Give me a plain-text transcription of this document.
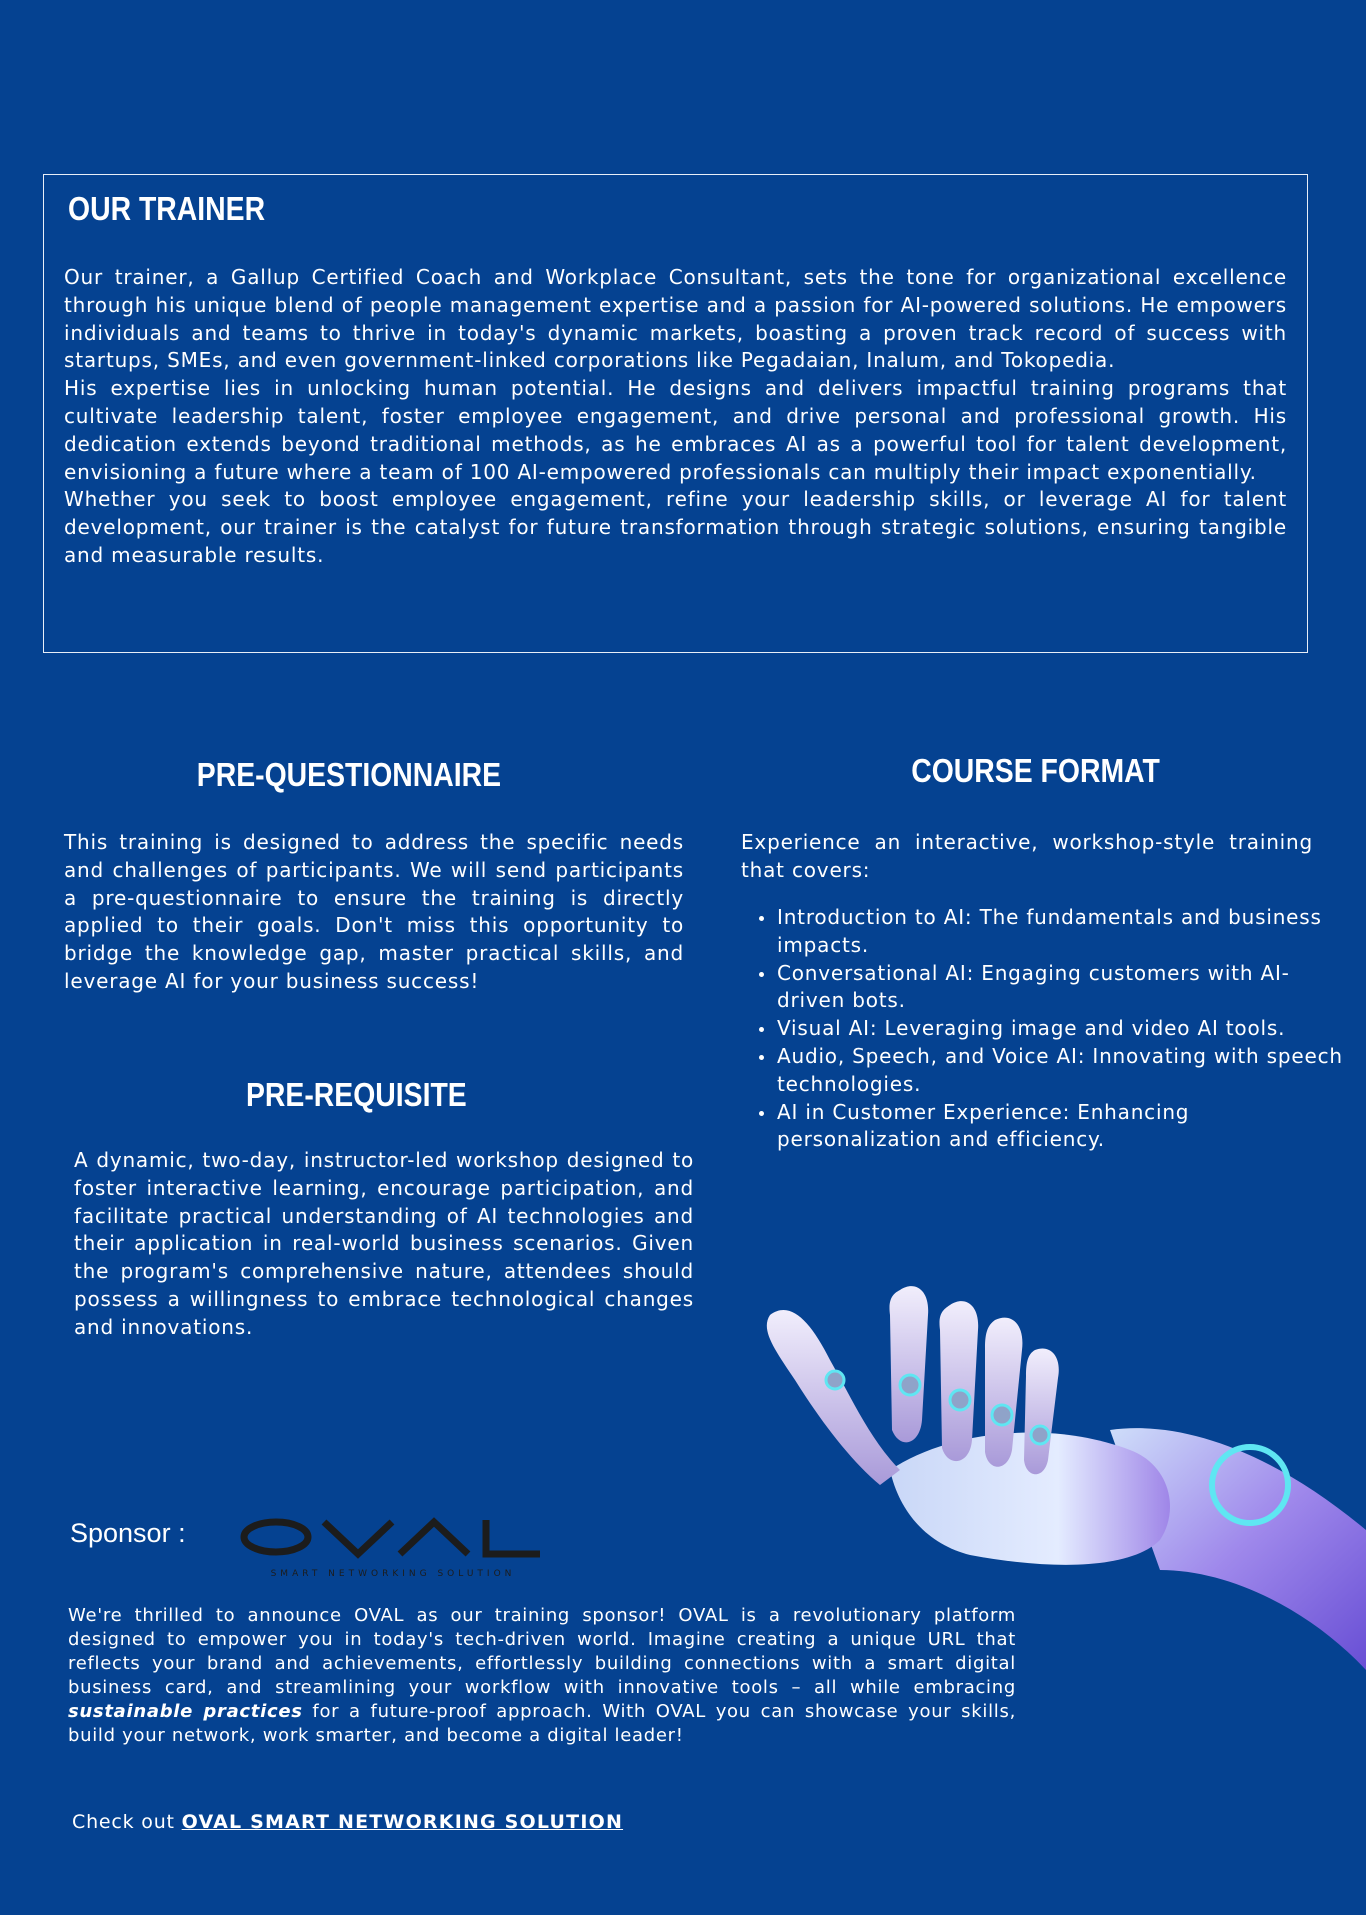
OUR TRAINER

Our trainer, a Gallup Certified Coach and Workplace Consultant, sets the tone for organizational excellence through his unique blend of people management expertise and a passion for AI-powered solutions. He empowers individuals and teams to thrive in today's dynamic markets, boasting a proven track record of success with startups, SMEs, and even government-linked corporations like Pegadaian, Inalum, and Tokopedia.

His expertise lies in unlocking human potential. He designs and delivers impactful training programs that cultivate leadership talent, foster employee engagement, and drive personal and professional growth. His dedication extends beyond traditional methods, as he embraces AI as a powerful tool for talent development, envisioning a future where a team of 100 AI-empowered professionals can multiply their impact exponentially.

Whether you seek to boost employee engagement, refine your leadership skills, or leverage AI for talent development, our trainer is the catalyst for future transformation through strategic solutions, ensuring tangible and measurable results.

PRE-QUESTIONNAIRE
This training is designed to address the specific needs and challenges of participants. We will send participants a pre-questionnaire to ensure the training is directly applied to their goals. Don't miss this opportunity to bridge the knowledge gap, master practical skills, and leverage AI for your business success!
PRE-REQUISITE
A dynamic, two-day, instructor-led workshop designed to foster interactive learning, encourage participation, and facilitate practical understanding of AI technologies and their application in real-world business scenarios. Given the program's comprehensive nature, attendees should possess a willingness to embrace technological changes and innovations.
COURSE FORMAT
Experience an interactive, workshop-style training that covers:
Introduction to AI: The fundamentals and business impacts.
Conversational AI: Engaging customers with AI-driven bots.
Visual AI: Leveraging image and video AI tools.
Audio, Speech, and Voice AI: Innovating with speech technologies.
AI in Customer Experience: Enhancing personalization and efficiency.
Sponsor :
SMART NETWORKING SOLUTION
We're thrilled to announce OVAL as our training sponsor! OVAL is a revolutionary platform designed to empower you in today's tech-driven world. Imagine creating a unique URL that reflects your brand and achievements, effortlessly building connections with a smart digital business card, and streamlining your workflow with innovative tools – all while embracing sustainable practices for a future-proof approach. With OVAL you can showcase your skills, build your network, work smarter, and become a digital leader!
Check out OVAL SMART NETWORKING SOLUTION
